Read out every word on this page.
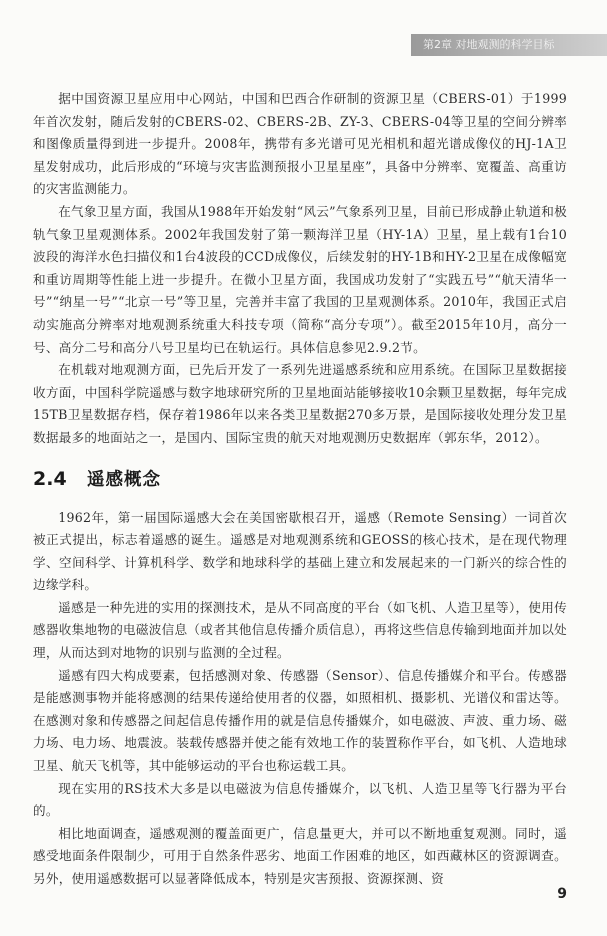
第2章 对地观测的科学目标

据中国资源卫星应用中心网站，中国和巴西合作研制的资源卫星（CBERS-01）于1999年首次发射，随后发射的CBERS-02、CBERS-2B、ZY-3、CBERS-04等卫星的空间分辨率和图像质量得到进一步提升。2008年，携带有多光谱可见光相机和超光谱成像仪的HJ-1A卫星发射成功，此后形成的“环境与灾害监测预报小卫星星座”，具备中分辨率、宽覆盖、高重访的灾害监测能力。

在气象卫星方面，我国从1988年开始发射“风云”气象系列卫星，目前已形成静止轨道和极轨气象卫星观测体系。2002年我国发射了第一颗海洋卫星（HY-1A）卫星，星上载有1台10波段的海洋水色扫描仪和1台4波段的CCD成像仪，后续发射的HY-1B和HY-2卫星在成像幅宽和重访周期等性能上进一步提升。在微小卫星方面，我国成功发射了“实践五号”“航天清华一号”“纳星一号”“北京一号”等卫星，完善并丰富了我国的卫星观测体系。2010年，我国正式启动实施高分辨率对地观测系统重大科技专项（简称“高分专项”）。截至2015年10月，高分一号、高分二号和高分八号卫星均已在轨运行。具体信息参见2.9.2节。

在机载对地观测方面，已先后开发了一系列先进遥感系统和应用系统。在国际卫星数据接收方面，中国科学院遥感与数字地球研究所的卫星地面站能够接收10余颗卫星数据，每年完成15TB卫星数据存档，保存着1986年以来各类卫星数据270多万景，是国际接收处理分发卫星数据最多的地面站之一，是国内、国际宝贵的航天对地观测历史数据库（郭东华，2012）。

2.4	遥感概念

1962年，第一届国际遥感大会在美国密歇根召开，遥感（Remote Sensing）一词首次被正式提出，标志着遥感的诞生。遥感是对地观测系统和GEOSS的核心技术，是在现代物理学、空间科学、计算机科学、数学和地球科学的基础上建立和发展起来的一门新兴的综合性的边缘学科。

遥感是一种先进的实用的探测技术，是从不同高度的平台（如飞机、人造卫星等），使用传感器收集地物的电磁波信息（或者其他信息传播介质信息），再将这些信息传输到地面并加以处理，从而达到对地物的识别与监测的全过程。

遥感有四大构成要素，包括感测对象、传感器（Sensor）、信息传播媒介和平台。传感器是能感测事物并能将感测的结果传递给使用者的仪器，如照相机、摄影机、光谱仪和雷达等。在感测对象和传感器之间起信息传播作用的就是信息传播媒介，如电磁波、声波、重力场、磁力场、电力场、地震波。装载传感器并使之能有效地工作的装置称作平台，如飞机、人造地球卫星、航天飞机等，其中能够运动的平台也称运载工具。

现在实用的RS技术大多是以电磁波为信息传播媒介，以飞机、人造卫星等飞行器为平台的。

相比地面调查，遥感观测的覆盖面更广，信息量更大，并可以不断地重复观测。同时，遥感受地面条件限制少，可用于自然条件恶劣、地面工作困难的地区，如西藏林区的资源调查。另外，使用遥感数据可以显著降低成本，特别是灾害预报、资源探测、资

9
